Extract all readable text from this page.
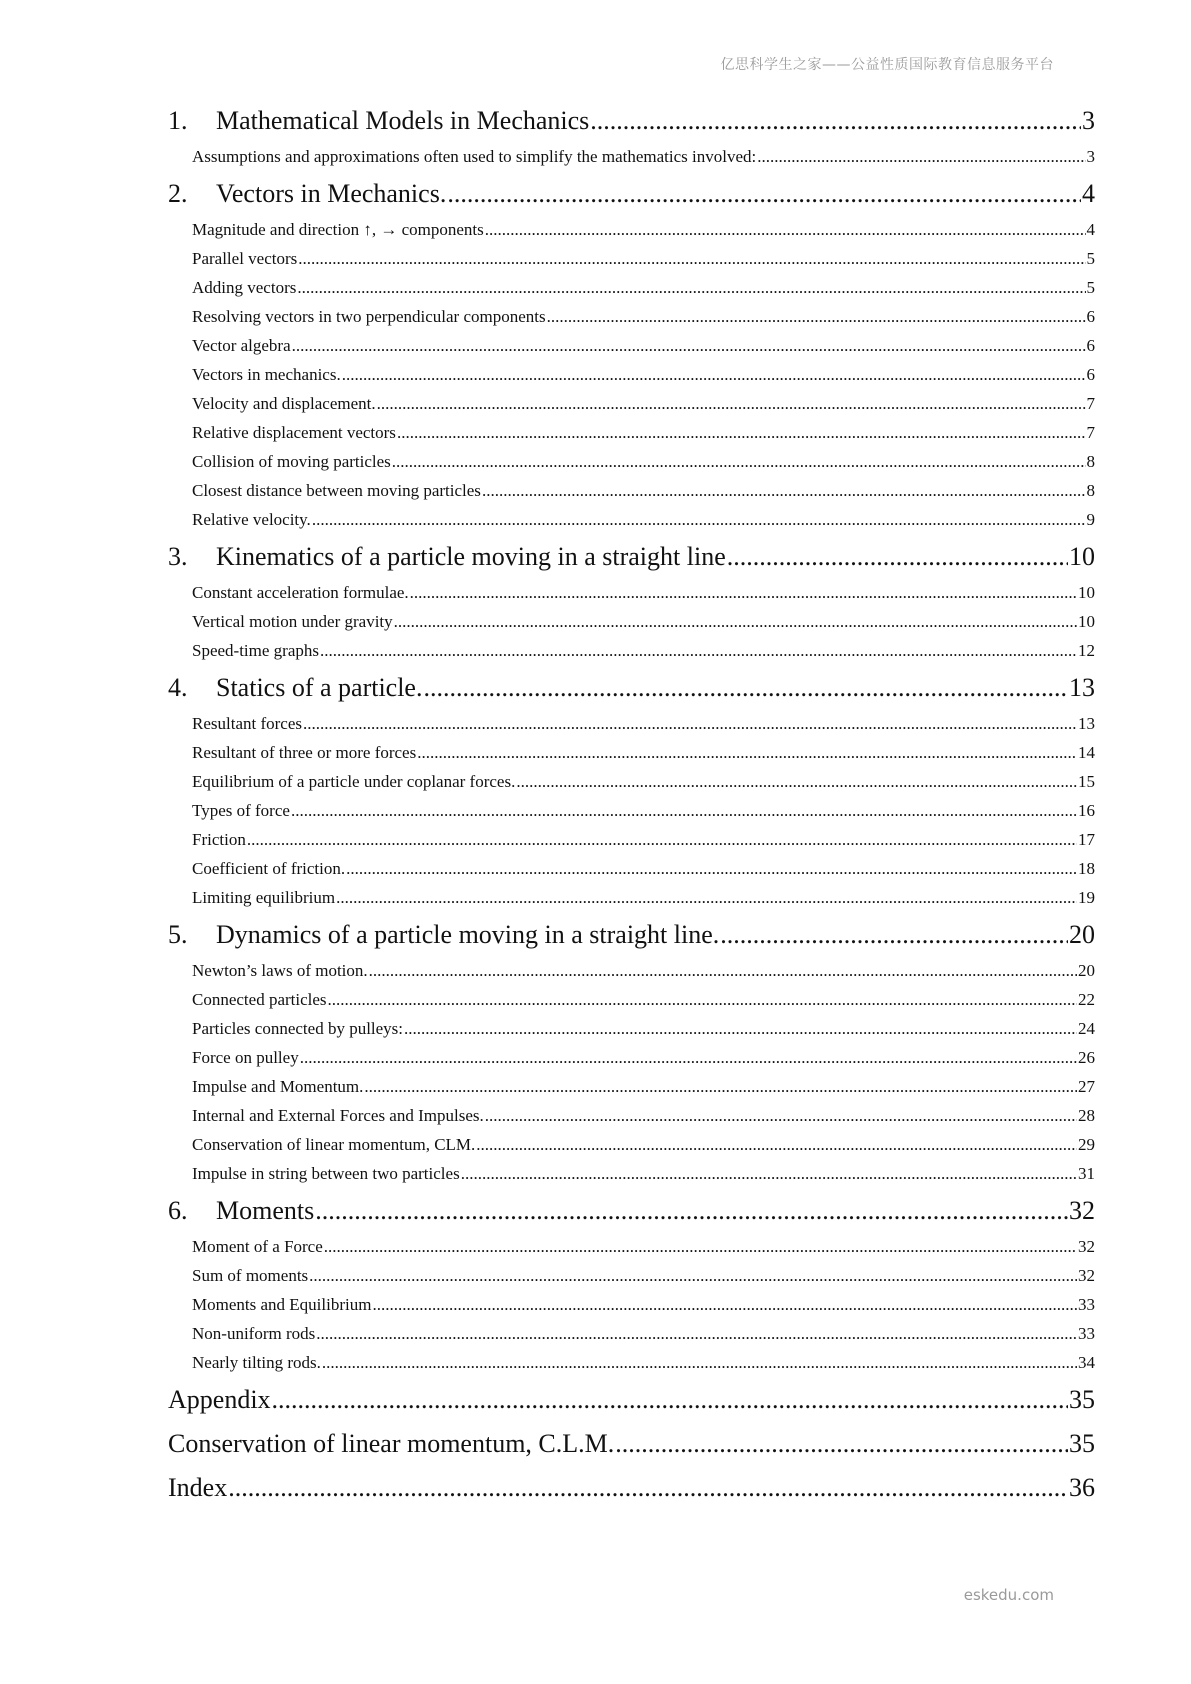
亿思科学生之家——公益性质国际教育信息服务平台
1. Mathematical Models in Mechanics .....	3
Assumptions and approximations often used to simplify the mathematics involved: .....	3
2. Vectors in Mechanics. .....	4
Magnitude and direction ↑, → components .....	4
Parallel vectors .....	5
Adding vectors .....	5
Resolving vectors in two perpendicular components .....	6
Vector algebra .....	6
Vectors in mechanics. .....	6
Velocity and displacement. .....	7
Relative displacement vectors .....	7
Collision of moving particles .....	8
Closest distance between moving particles .....	8
Relative velocity. .....	9
3. Kinematics of a particle moving in a straight line .....	10
Constant acceleration formulae. .....	10
Vertical motion under gravity .....	10
Speed-time graphs .....	12
4. Statics of a particle. .....	13
Resultant forces .....	13
Resultant of three or more forces .....	14
Equilibrium of a particle under coplanar forces. .....	15
Types of force .....	16
Friction .....	17
Coefficient of friction. .....	18
Limiting equilibrium .....	19
5. Dynamics of a particle moving in a straight line. .....	20
Newton’s laws of motion. .....	20
Connected particles .....	22
Particles connected by pulleys: .....	24
Force on pulley .....	26
Impulse and Momentum. .....	27
Internal and External Forces and Impulses. .....	28
Conservation of linear momentum, CLM. .....	29
Impulse in string between two particles .....	31
6. Moments .....	32
Moment of a Force .....	32
Sum of moments .....	32
Moments and Equilibrium .....	33
Non-uniform rods .....	33
Nearly tilting rods. .....	34
Appendix .....	35
Conservation of linear momentum, C.L.M. .....	35
Index .....	36
eskedu.com
